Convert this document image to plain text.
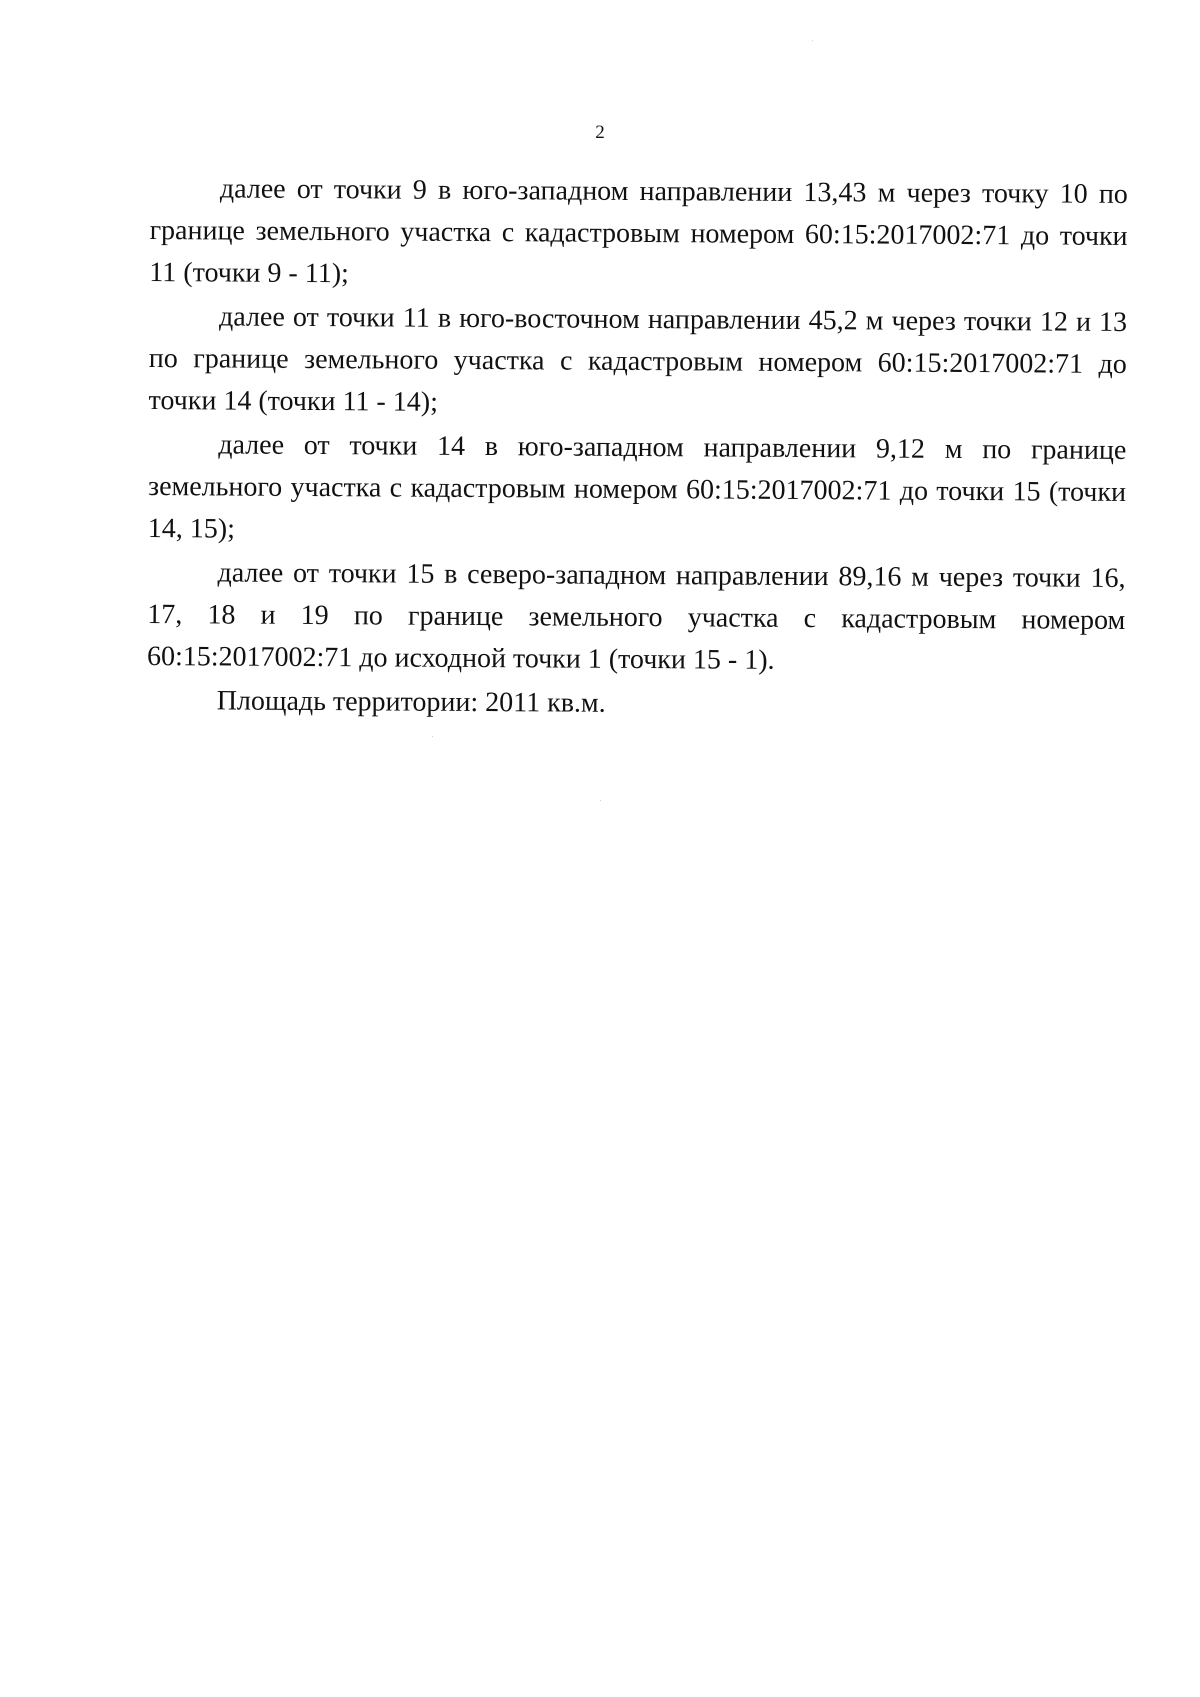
2

далее от точки 9 в юго-западном направлении 13,43 м через точку 10 по границе земельного участка с кадастровым номером 60:15:2017002:71 до точки 11 (точки 9 - 11);

далее от точки 11 в юго-восточном направлении 45,2 м через точки 12 и 13 по границе земельного участка с кадастровым номером 60:15:2017002:71 до точки 14 (точки 11 - 14);

далее от точки 14 в юго-западном направлении 9,12 м по границе земельного участка с кадастровым номером 60:15:2017002:71 до точки 15 (точки 14, 15);

далее от точки 15 в северо-западном направлении 89,16 м через точки 16, 17, 18 и 19 по границе земельного участка с кадастровым номером 60:15:2017002:71 до исходной точки 1 (точки 15 - 1).

Площадь территории: 2011 кв.м.
